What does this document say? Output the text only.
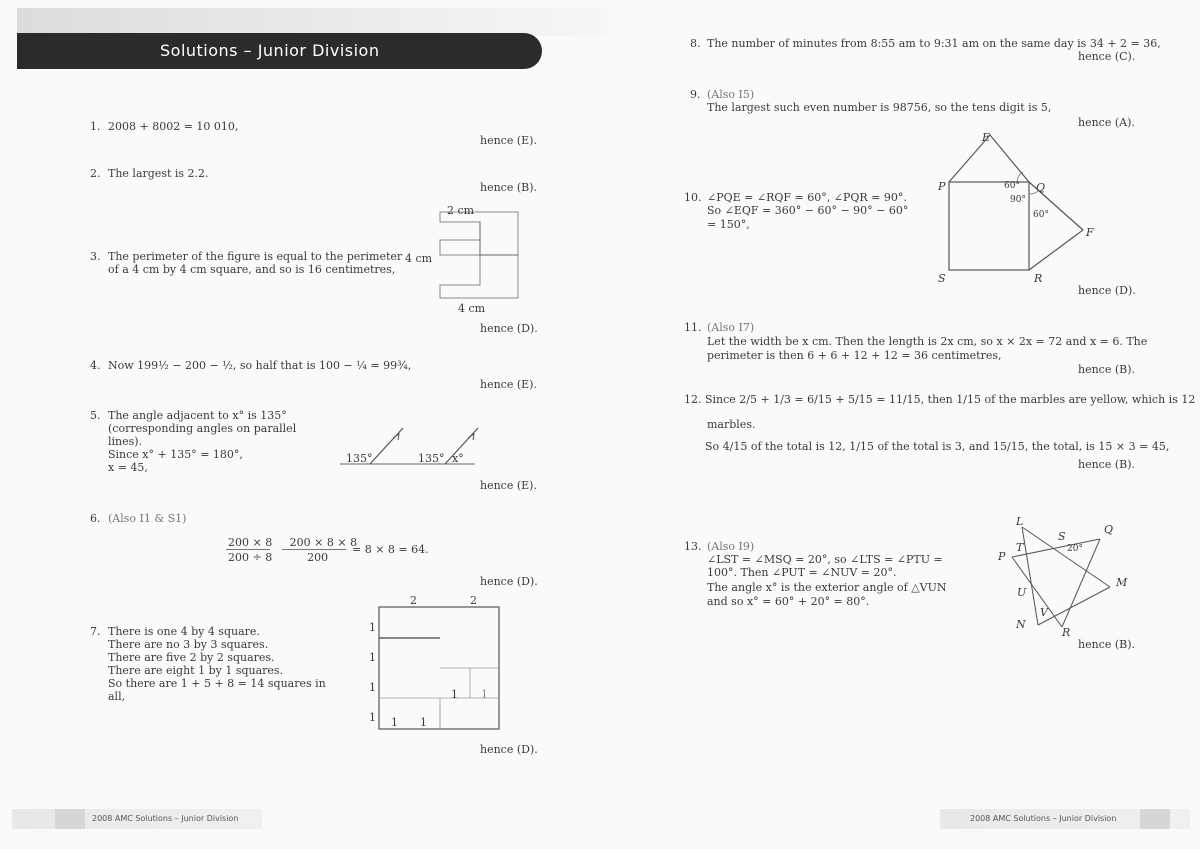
Solutions – Junior Division
1. 2008 + 8002 = 10 010,
hence (E).
2. The largest is 2.2.
hence (B).
3. The perimeter of the figure is equal to the perimeter
of a 4 cm by 4 cm square, and so is 16 centimetres,
2 cm
4 cm
4 cm
hence (D).
4. Now 199½ − 200 − ½, so half that is 100 − ¼ = 99¾,
hence (E).
5. The angle adjacent to x° is 135°
(corresponding angles on parallel
lines).
Since x° + 135° = 180°,
x = 45,
135°	135° x°
hence (E).
6. (Also I1 & S1)
200 × 8     200 × 8 × 8
200 ÷ 8          200
= 8 × 8 = 64.
hence (D).
7. There is one 4 by 4 square.
There are no 3 by 3 squares.
There are five 2 by 2 squares.
There are eight 1 by 1 squares.
So there are 1 + 5 + 8 = 14 squares in
all,
2	2
1
1
1
1
1 1
1 1
hence (D).
8. The number of minutes from 8:55 am to 9:31 am on the same day is 34 + 2 = 36,
hence (C).
9. (Also I5)
The largest such even number is 98756, so the tens digit is 5,
hence (A).
10. ∠PQE = ∠RQF = 60°, ∠PQR = 90°.
So ∠EQF = 360° − 60° − 90° − 60°
= 150°,
E
P	Q
F
S	R
60°
90°
60°
hence (D).
11. (Also I7)
Let the width be x cm. Then the length is 2x cm, so x × 2x = 72 and x = 6. The
perimeter is then 6 + 6 + 12 + 12 = 36 centimetres,
hence (B).
12. Since 2/5 + 1/3 = 6/15 + 5/15 = 11/15, then 1/15 of the marbles are yellow, which is 12
marbles.
So 4/15 of the total is 12, 1/15 of the total is 3, and 15/15, the total, is 15 × 3 = 45,
hence (B).
13. (Also I9)
∠LST = ∠MSQ = 20°, so ∠LTS = ∠PTU =
100°. Then ∠PUT = ∠NUV = 20°.
The angle x° is the exterior angle of △VUN
and so x° = 60° + 20° = 80°.
L
S
Q
P
T	20°
M
U
V
N
R
hence (B).
2008 AMC Solutions – Junior Division	2008 AMC Solutions – Junior Division
